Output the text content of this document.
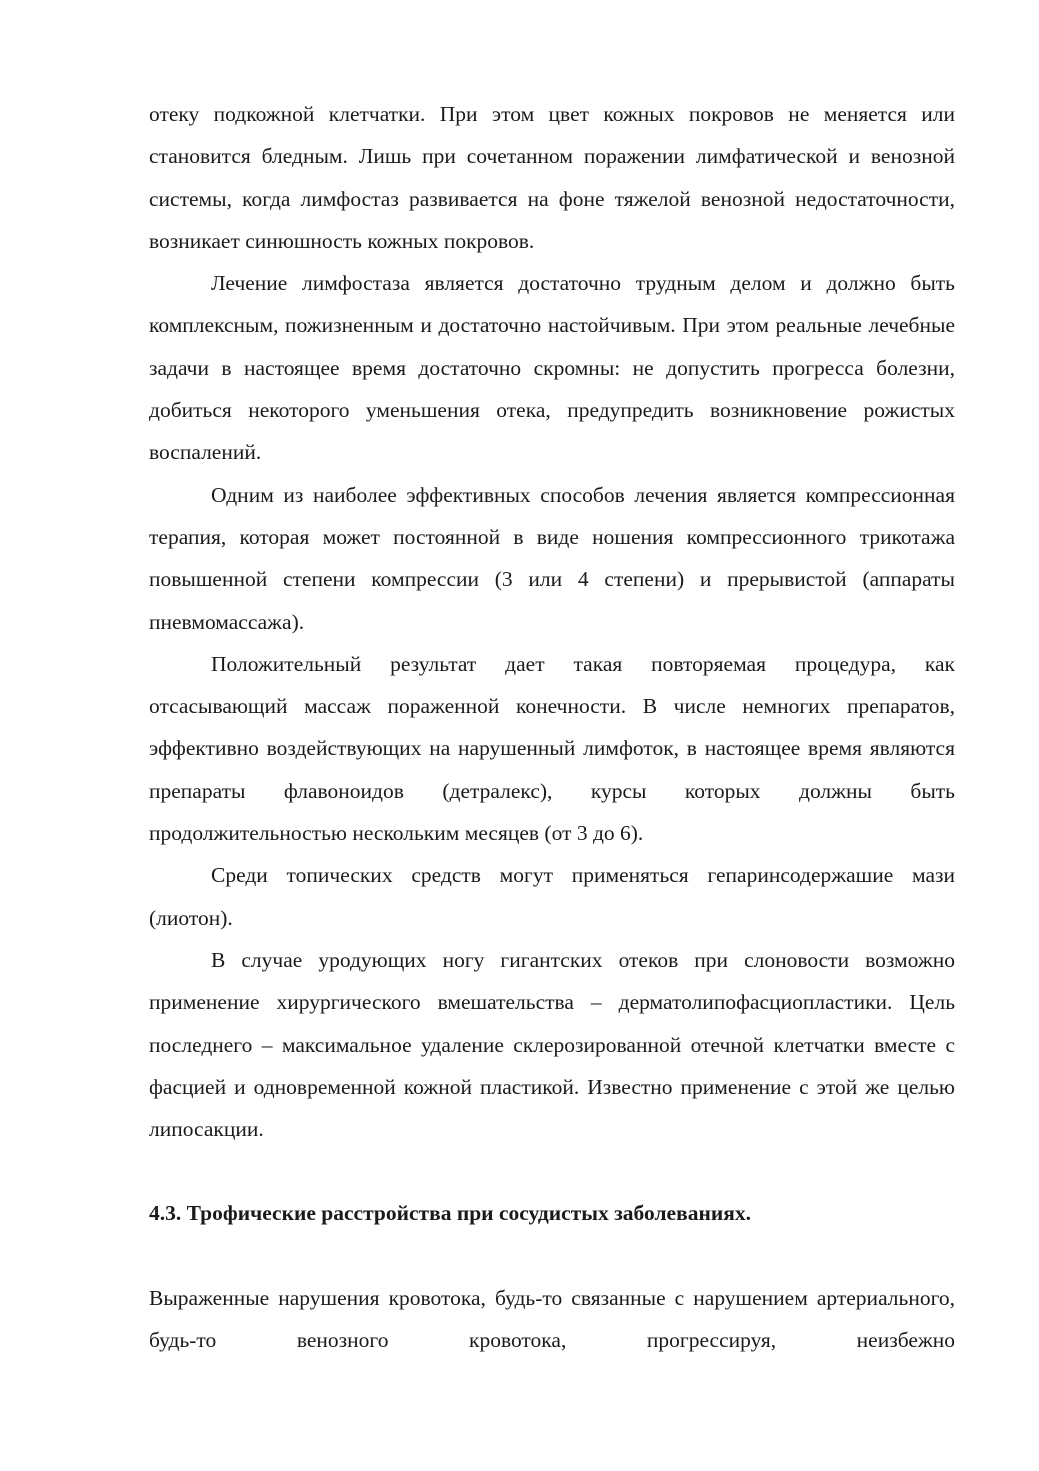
отеку подкожной клетчатки. При этом цвет кожных покровов не меняется или становится бледным. Лишь при сочетанном поражении лимфатической и венозной системы, когда лимфостаз развивается на фоне тяжелой венозной недостаточности, возникает синюшность кожных покровов.

Лечение лимфостаза является достаточно трудным делом и должно быть комплексным, пожизненным и достаточно настойчивым. При этом реальные лечебные задачи в настоящее время достаточно скромны: не допустить прогресса болезни, добиться некоторого уменьшения отека, предупредить возникновение рожистых воспалений.

Одним из наиболее эффективных способов лечения является компрессионная терапия, которая может постоянной в виде ношения компрессионного трикотажа повышенной степени компрессии (3 или 4 степени) и прерывистой (аппараты пневмомассажа).

Положительный результат дает такая повторяемая процедура, как отсасывающий массаж пораженной конечности. В числе немногих препаратов, эффективно воздействующих на нарушенный лимфоток, в настоящее время являются препараты флавоноидов (детралекс), курсы которых должны быть продолжительностью нескольким месяцев (от 3 до 6).

Среди топических средств могут применяться гепаринсодержашие мази (лиотон).

В случае уродующих ногу гигантских отеков при слоновости возможно применение хирургического вмешательства – дерматолипофасциопластики. Цель последнего – максимальное удаление склерозированной отечной клетчатки вместе с фасцией и одновременной кожной пластикой. Известно применение с этой же целью липосакции.

4.3. Трофические расстройства при сосудистых заболеваниях.

Выраженные нарушения кровотока, будь-то связанные с нарушением артериального, будь-то венозного кровотока, прогрессируя, неизбежно
